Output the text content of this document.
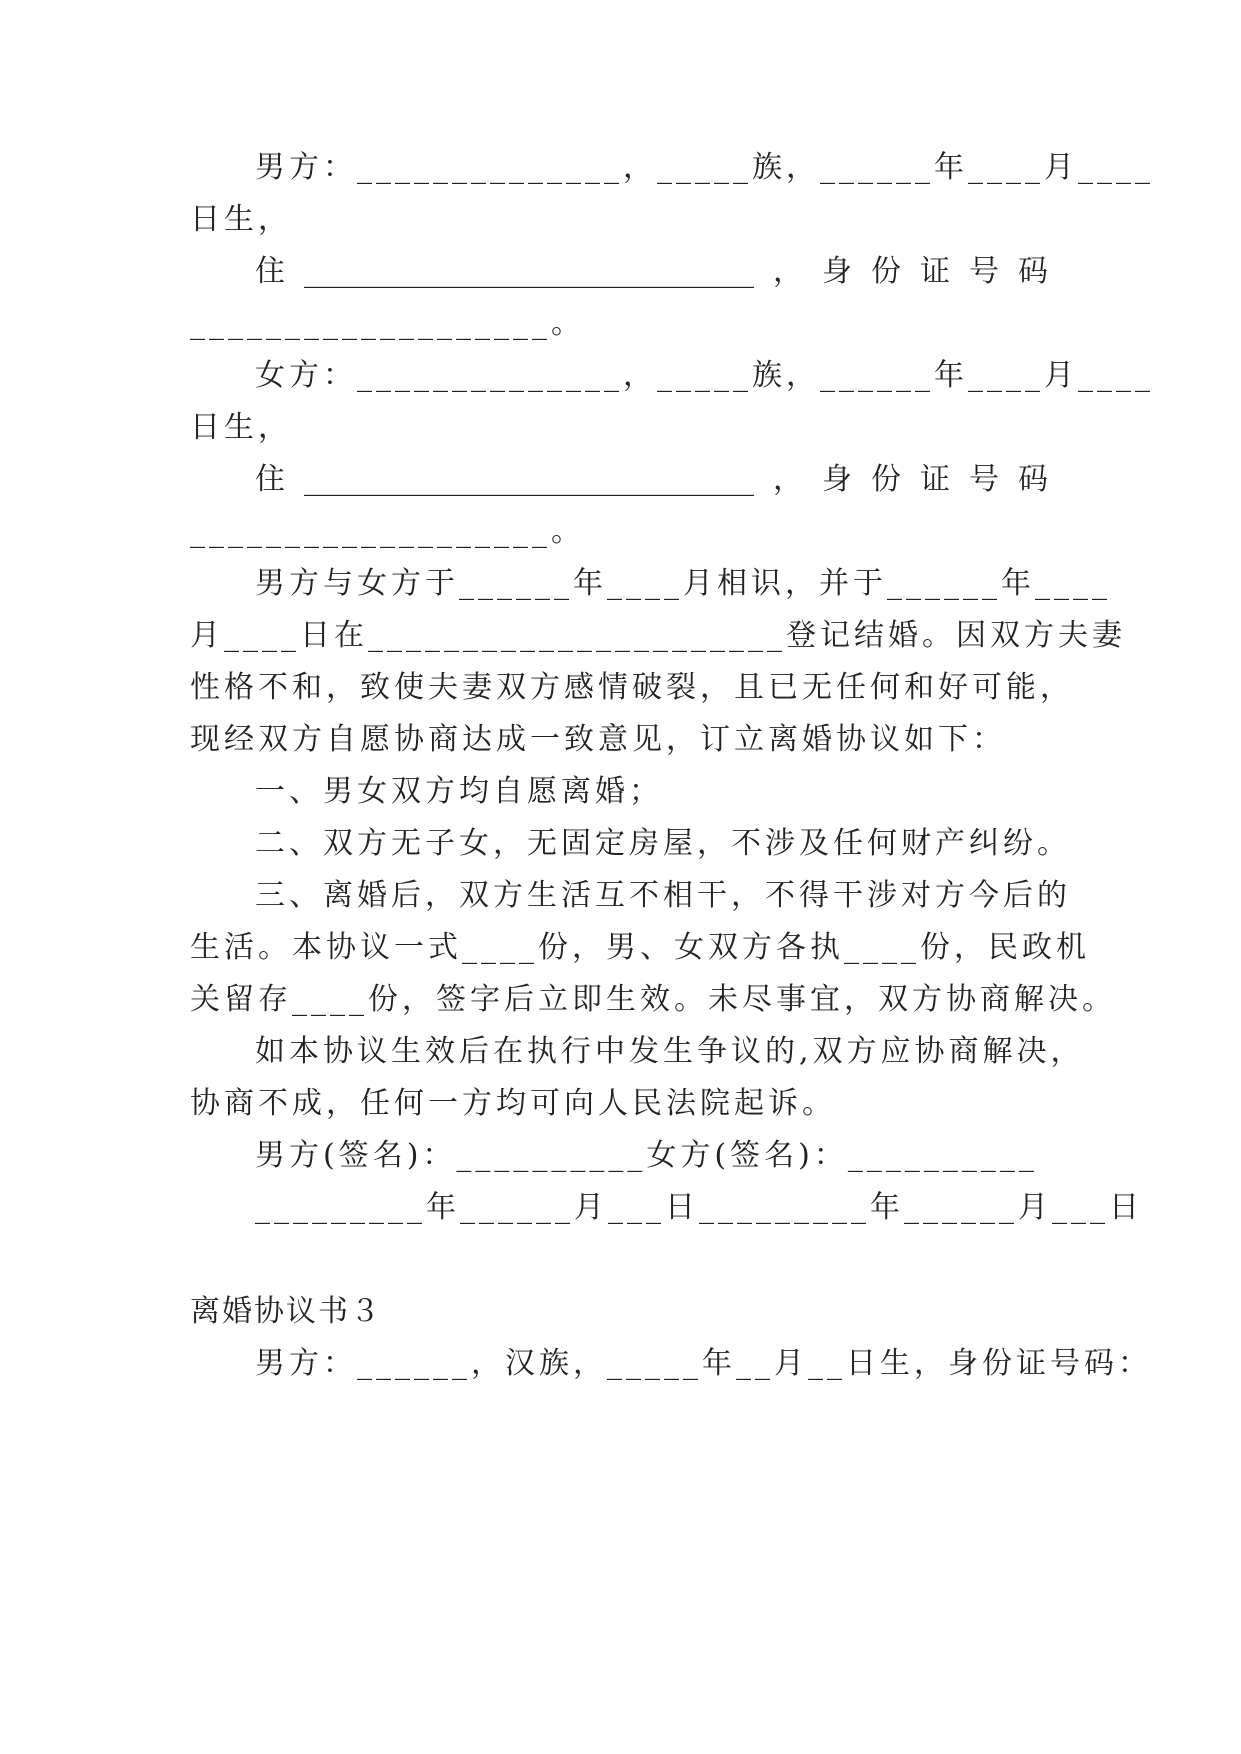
男方：______________，_____族，______年____月____
日生，
住 ______________________________ ， 身 份 证 号 码
___________________。
女方：______________，_____族，______年____月____
日生，
住 ______________________________ ， 身 份 证 号 码
___________________。
男方与女方于______年____月相识，并于______年____
月____日在______________________登记结婚。因双方夫妻
性格不和，致使夫妻双方感情破裂，且已无任何和好可能，
现经双方自愿协商达成一致意见，订立离婚协议如下：
一、男女双方均自愿离婚；
二、双方无子女，无固定房屋，不涉及任何财产纠纷。
三、离婚后，双方生活互不相干，不得干涉对方今后的
生活。本协议一式____份，男、女双方各执____份，民政机
关留存____份，签字后立即生效。未尽事宜，双方协商解决。
如本协议生效后在执行中发生争议的,双方应协商解决，
协商不成，任何一方均可向人民法院起诉。
男方(签名)：__________女方(签名)：__________
_________年______月___日_________年______月___日
离婚协议书３
男方：______，汉族，_____年__月__日生，身份证号码：
